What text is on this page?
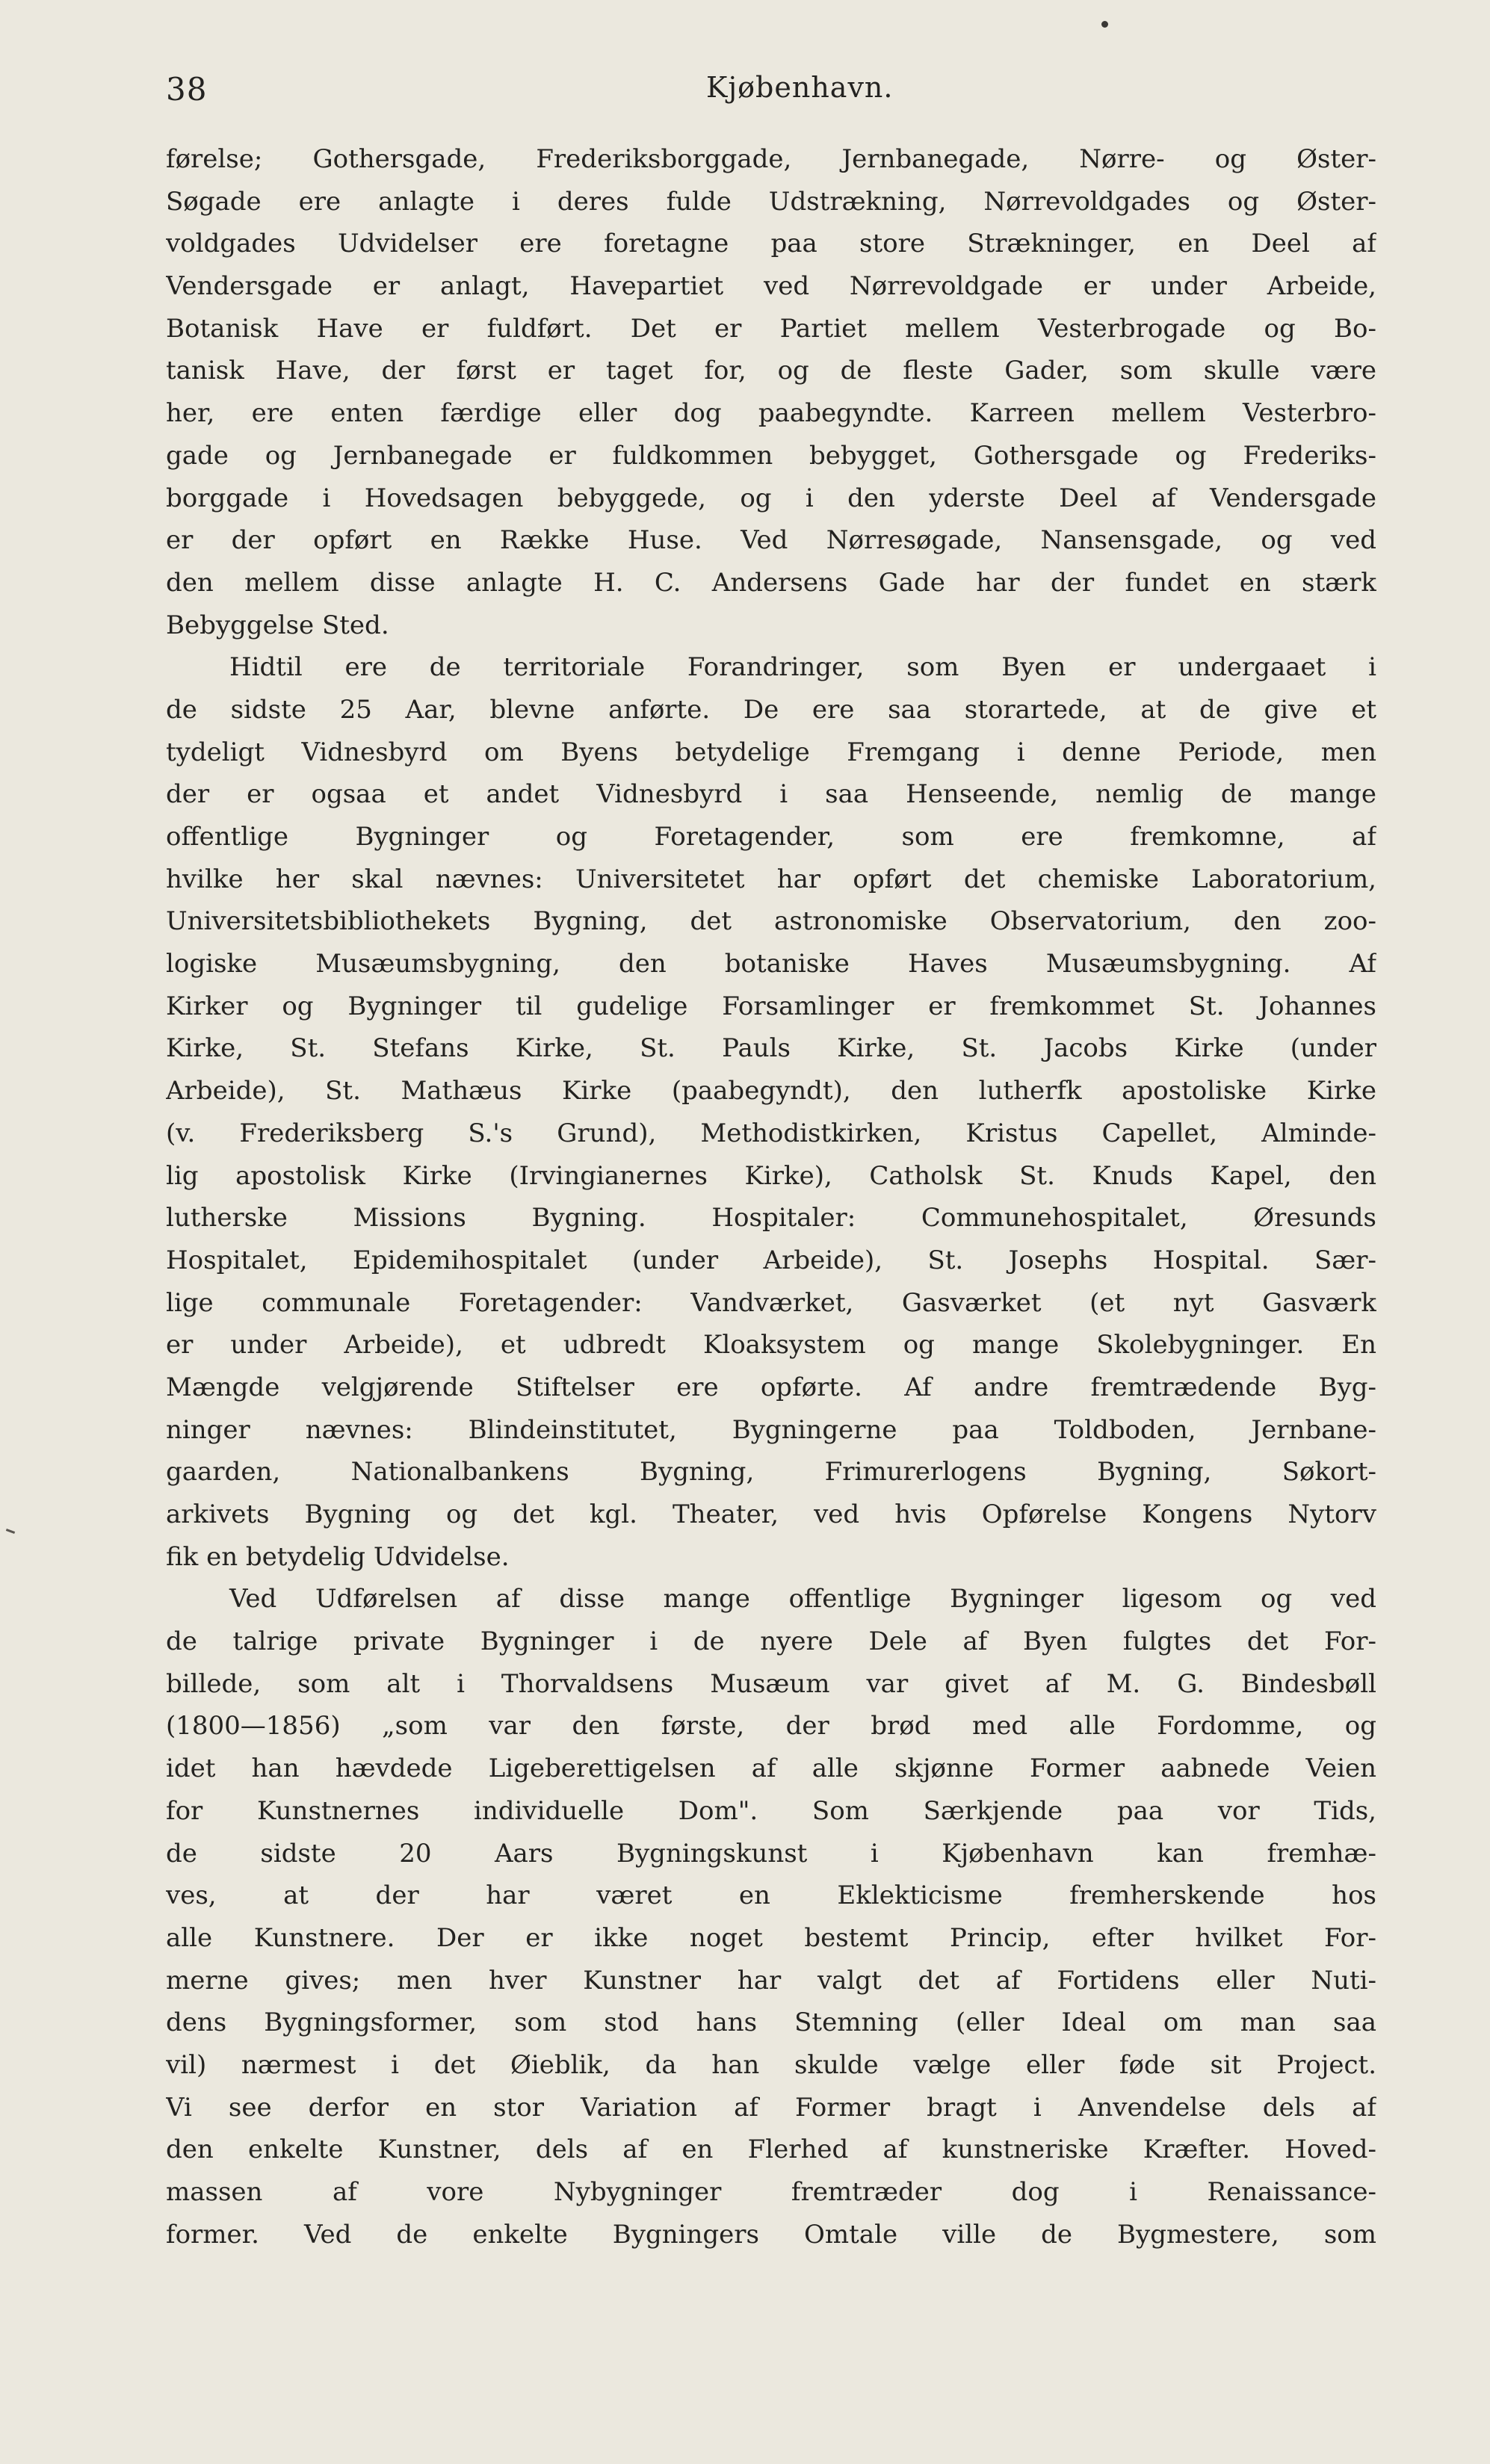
38	Kjøbenhavn.
førelse; Gothersgade, Frederiksborggade, Jernbanegade, Nørre- og Øster-
Søgade ere anlagte i deres fulde Udstrækning, Nørrevoldgades og Øster-
voldgades Udvidelser ere foretagne paa store Strækninger, en Deel af
Vendersgade er anlagt, Havepartiet ved Nørrevoldgade er under Arbeide,
Botanisk Have er fuldført. Det er Partiet mellem Vesterbrogade og Bo-
tanisk Have, der først er taget for, og de fleste Gader, som skulle være
her, ere enten færdige eller dog paabegyndte. Karreen mellem Vesterbro-
gade og Jernbanegade er fuldkommen bebygget, Gothersgade og Frederiks-
borggade i Hovedsagen bebyggede, og i den yderste Deel af Vendersgade
er der opført en Række Huse. Ved Nørresøgade, Nansensgade, og ved
den mellem disse anlagte H. C. Andersens Gade har der fundet en stærk
Bebyggelse Sted.
Hidtil ere de territoriale Forandringer, som Byen er undergaaet i
de sidste 25 Aar, blevne anførte. De ere saa storartede, at de give et
tydeligt Vidnesbyrd om Byens betydelige Fremgang i denne Periode, men
der er ogsaa et andet Vidnesbyrd i saa Henseende, nemlig de mange
offentlige Bygninger og Foretagender, som ere fremkomne, af
hvilke her skal nævnes: Universitetet har opført det chemiske Laboratorium,
Universitetsbibliothekets Bygning, det astronomiske Observatorium, den zoo-
logiske Musæumsbygning, den botaniske Haves Musæumsbygning. Af
Kirker og Bygninger til gudelige Forsamlinger er fremkommet St. Johannes
Kirke, St. Stefans Kirke, St. Pauls Kirke, St. Jacobs Kirke (under
Arbeide), St. Mathæus Kirke (paabegyndt), den lutherfk apostoliske Kirke
(v. Frederiksberg S.'s Grund), Methodistkirken, Kristus Capellet, Alminde-
lig apostolisk Kirke (Irvingianernes Kirke), Catholsk St. Knuds Kapel, den
lutherske Missions Bygning. Hospitaler: Communehospitalet, Øresunds
Hospitalet, Epidemihospitalet (under Arbeide), St. Josephs Hospital. Sær-
lige communale Foretagender: Vandværket, Gasværket (et nyt Gasværk
er under Arbeide), et udbredt Kloaksystem og mange Skolebygninger. En
Mængde velgjørende Stiftelser ere opførte. Af andre fremtrædende Byg-
ninger nævnes: Blindeinstitutet, Bygningerne paa Toldboden, Jernbane-
gaarden, Nationalbankens Bygning, Frimurerlogens Bygning, Søkort-
arkivets Bygning og det kgl. Theater, ved hvis Opførelse Kongens Nytorv
fik en betydelig Udvidelse.
Ved Udførelsen af disse mange offentlige Bygninger ligesom og ved
de talrige private Bygninger i de nyere Dele af Byen fulgtes det For-
billede, som alt i Thorvaldsens Musæum var givet af M. G. Bindesbøll
(1800—1856) „som var den første, der brød med alle Fordomme, og
idet han hævdede Ligeberettigelsen af alle skjønne Former aabnede Veien
for Kunstnernes individuelle Dom". Som Særkjende paa vor Tids,
de sidste 20 Aars Bygningskunst i Kjøbenhavn kan fremhæ-
ves, at der har været en Eklekticisme fremherskende hos
alle Kunstnere. Der er ikke noget bestemt Princip, efter hvilket For-
merne gives; men hver Kunstner har valgt det af Fortidens eller Nuti-
dens Bygningsformer, som stod hans Stemning (eller Ideal om man saa
vil) nærmest i det Øieblik, da han skulde vælge eller føde sit Project.
Vi see derfor en stor Variation af Former bragt i Anvendelse dels af
den enkelte Kunstner, dels af en Flerhed af kunstneriske Kræfter. Hoved-
massen af vore Nybygninger fremtræder dog i Renaissance-
former. Ved de enkelte Bygningers Omtale ville de Bygmestere, som
